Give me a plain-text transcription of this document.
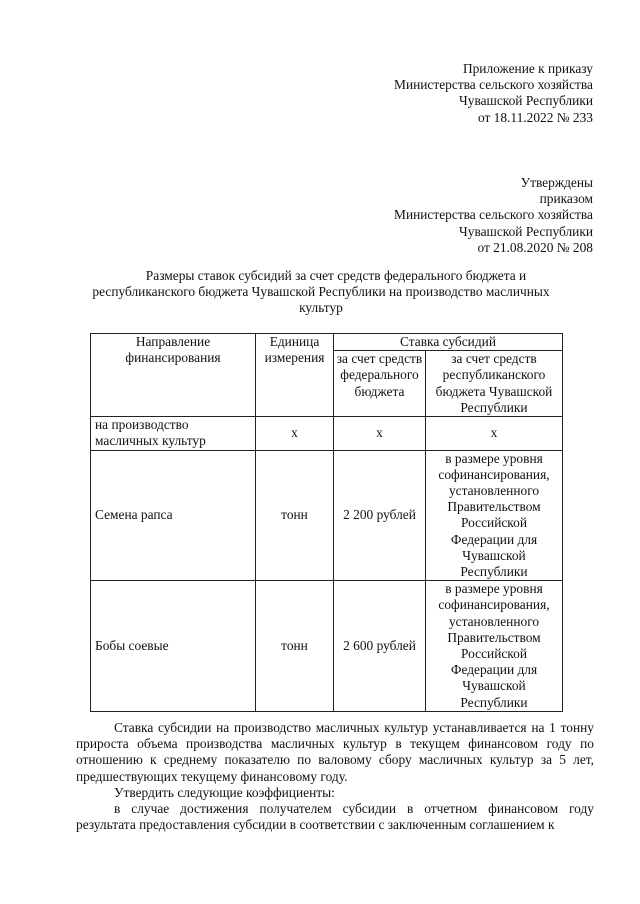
Приложение к приказу
Министерства сельского хозяйства
Чувашской Республики
от 18.11.2022 № 233
Утверждены
приказом
Министерства сельского хозяйства
Чувашской Республики
от 21.08.2020 № 208
Размеры ставок субсидий за счет средств федерального бюджета и
республиканского бюджета Чувашской Республики на производство масличных
культур
Направление финансирования	Единица измерения	Ставка субсидий	
		за счет средств федерального бюджета	за счет средств республиканского бюджета Чувашской Республики
на производство масличных культур	х	х	х
Семена рапса	тонн	2 200 рублей	в размере уровня софинансирования, установленного Правительством Российской Федерации для Чувашской Республики
Бобы соевые	тонн	2 600 рублей	в размере уровня софинансирования, установленного Правительством Российской Федерации для Чувашской Республики

Ставка субсидии на производство масличных культур устанавливается на 1 тонну прироста объема производства масличных культур в текущем финансовом году по отношению к среднему показателю по валовому сбору масличных культур за 5 лет, предшествующих текущему финансовому году.

Утвердить следующие коэффициенты:

в случае достижения получателем субсидии в отчетном финансовом году результата предоставления субсидии в соответствии с заключенным соглашением к
